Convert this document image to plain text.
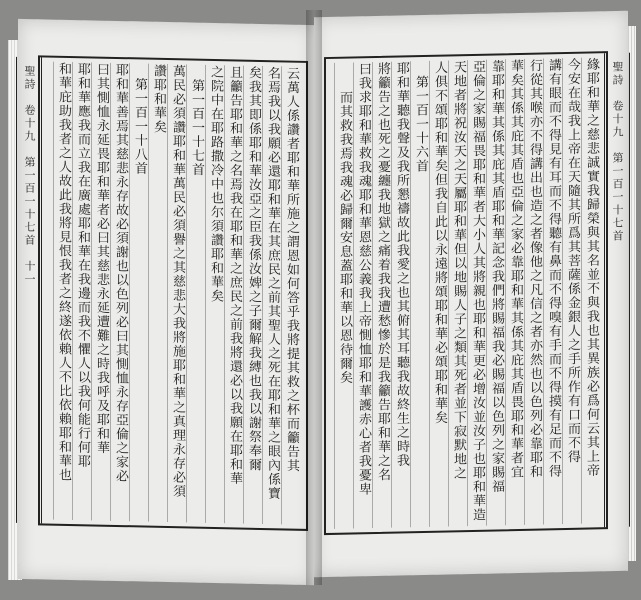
聖詩　卷十九　第一百一十七首　十一	云萬人係讚者耶和華所施之謂恩如何答乎我將提其救之杯而籲告其
名焉我以我願必還耶和華在其庶民之前其聖人之死在耶和華之眼內係寶
矣我其即係耶和華汝亞之臣我係汝婢之子爾解我縛也我以謝祭奉爾
且籲告耶和華之名焉我在耶和華之庶民之前我將還必以我願在耶和華
之院中在耶路撒冷中也尔須讚耶和華矣
第一百一十七首
萬民必須讚耶和華萬民必須譽之其慈悲大我將施耶和華之真理永存必須
讚耶和華矣
第一百一十八首
耶和華善焉其慈悲永存故必須謝也以色列必曰其惻恤永存亞倫之家必
曰其惻恤永延畏耶和華者必曰其慈悲永延遭難之時我呼及耶和華
耶和華應我而立我在廣處耶和華在我邊而我不懼人以我何能行何耶
和華庇助我者之人故此我將見恨我者之終遂依賴人不比依賴耶和華也	聖詩　卷十九　第一百一十七首
緣耶和華之慈悲誠實我歸榮與其名並不與我也其異族必爲何云其上帝
今安在哉我上帝在天隨其所爲其菩薩係金銀人之手所作有口而不得
講有眼而不得見有耳而不得聽有鼻而不得嗅有手而不得摸有足而不得
行從其喉亦不得講出也造之者像他之凡信之者亦然也以色列必靠耶和
華矣其係其庇其盾也亞倫之家必靠耶和華其係其庇其盾畏耶和華者宜
靠耶和華其係其庇其盾耶和華記念我們將賜福我必賜福以色列之家賜福
亞倫之家賜福畏耶和華者大小人其將親也耶和華更必增汝並汝子也耶和華造
天地者將祝汝天之天屬耶和華但以地賜人子之類其死者並下寂默地之
人俱不頌耶和華矣但我自此以永遠將頌耶和華必頌耶和華矣
第一百一十六首
耶和華聽我聲及我所懇禱故此我愛之也其俯其耳聽我故終生之時我
將籲告之也死之憂纏我地獄之痛着我我遭愁慘於是我籲告耶和華之名
曰我求耶和華救我魂耶和華恩慈公義我上帝惻恤耶和華護赤心者我憂卑
而其救我焉我魂必歸爾安息蓋耶和華以恩待爾矣
